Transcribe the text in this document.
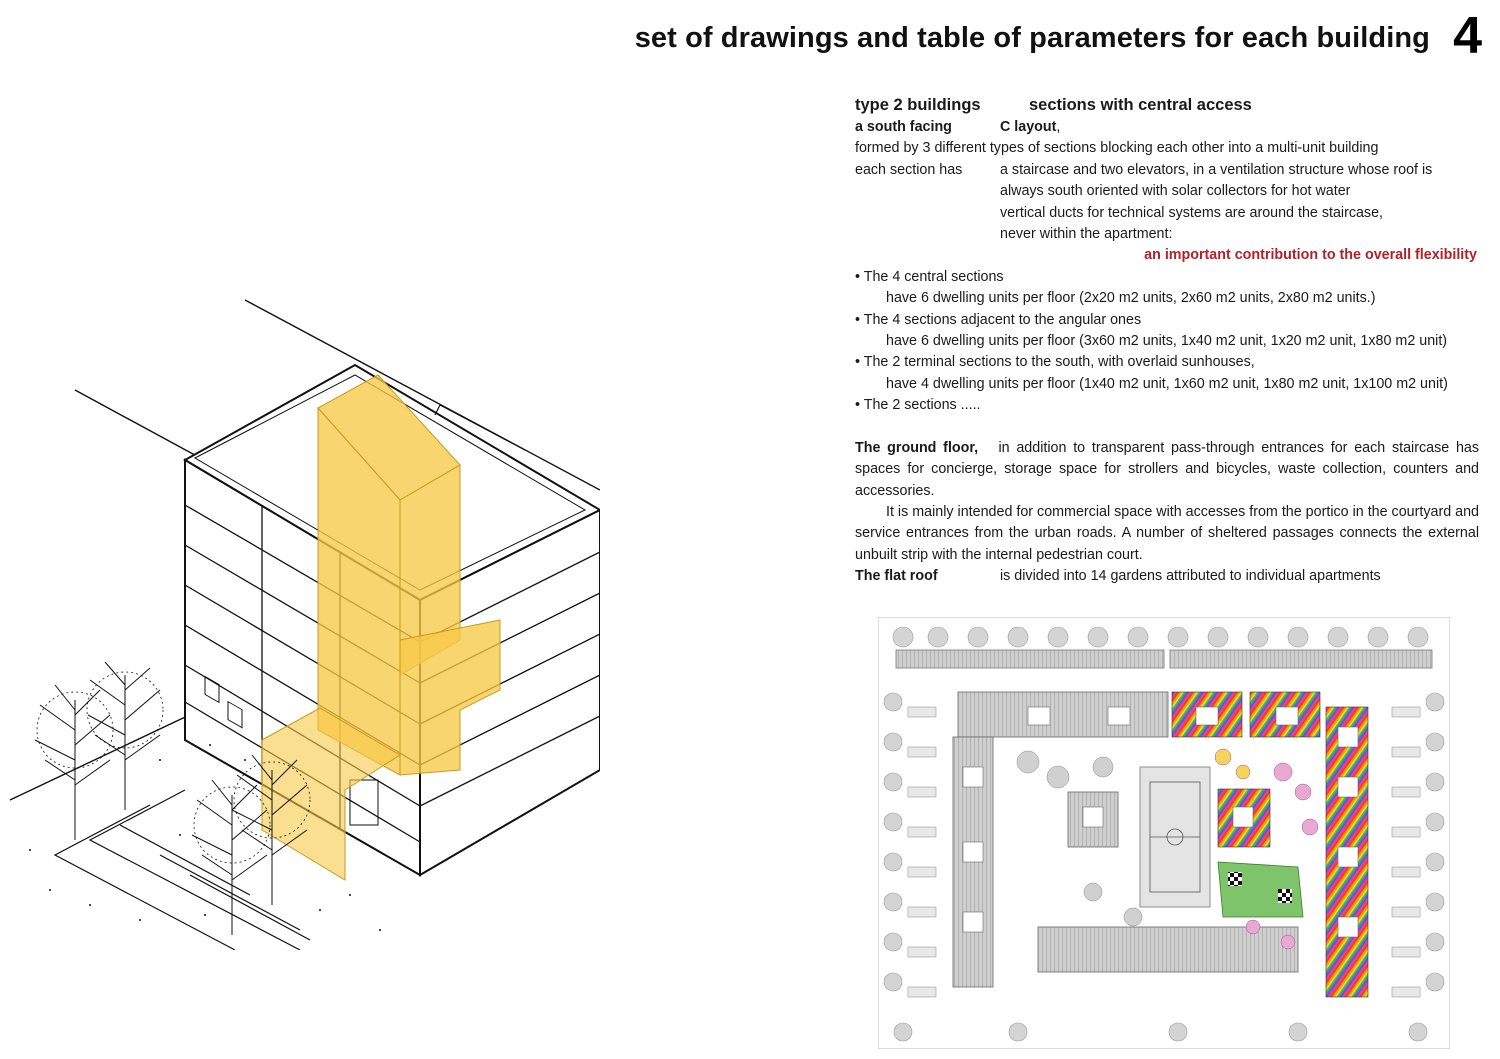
set of drawings and table of parameters for each building 4
type 2 buildings	sections with central access
a south facing	C layout,
formed by 3 different types of sections blocking each other into a multi-unit building
each section has	a staircase and two elevators, in a ventilation structure whose roof is
always south oriented with solar collectors for hot water
vertical ducts for technical systems are around the staircase,
never within the apartment:
an important contribution to the overall flexibility
• The 4 central sections
have 6 dwelling units per floor (2x20 m2 units, 2x60 m2 units, 2x80 m2 units.)
• The 4 sections adjacent to the angular ones
have 6 dwelling units per floor (3x60 m2 units, 1x40 m2 unit, 1x20 m2 unit, 1x80 m2 unit)
• The 2 terminal sections to the south, with overlaid sunhouses,
have 4 dwelling units per floor (1x40 m2 unit, 1x60 m2 unit, 1x80 m2 unit, 1x100 m2 unit)
• The 2 sections .....
The ground floor, in addition to transparent pass-through entrances for each staircase has spaces for concierge, storage space for strollers and bicycles, waste collection, counters and accessories.
It is mainly intended for commercial space with accesses from the portico in the courtyard and service entrances from the urban roads. A number of sheltered passages connects the external unbuilt strip with the internal pedestrian court.
The flat roof	is divided into 14 gardens attributed to individual apartments
